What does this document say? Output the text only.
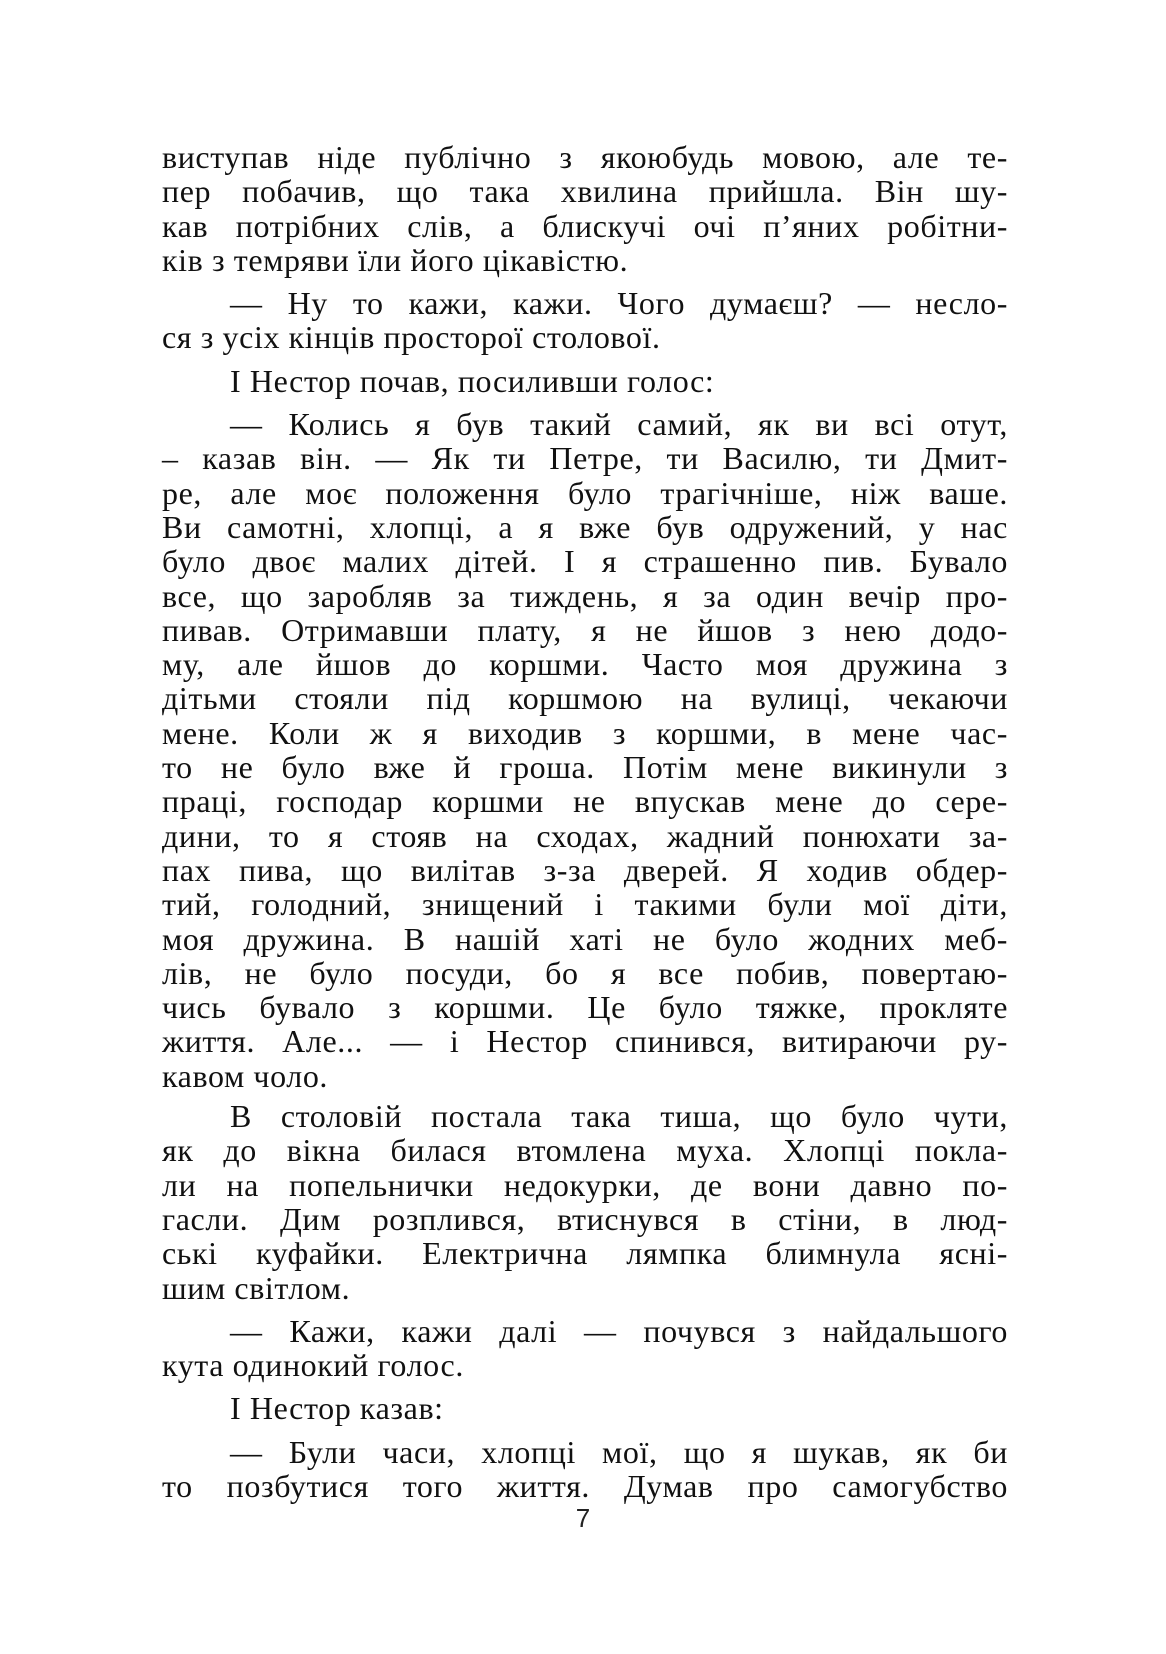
виступав ніде публічно з якоюбудь мовою, але те-
пер побачив, що така хвилина прийшла. Він шу-
кав потрібних слів, а блискучі очі п’яних робітни-
ків з темряви їли його цікавістю.
— Ну то кажи, кажи. Чого думаєш? — несло-
ся з усіх кінців просторої столової.
І Нестор почав, посиливши голос:
— Колись я був такий самий, як ви всі отут,
– казав він. — Як ти Петре, ти Василю, ти Дмит-
ре, але моє положення було трагічніше, ніж ваше.
Ви самотні, хлопці, а я вже був одружений, у нас
було двоє малих дітей. І я страшенно пив. Бувало
все, що заробляв за тиждень, я за один вечір про-
пивав. Отримавши плату, я не йшов з нею додо-
му, але йшов до коршми. Часто моя дружина з
дітьми стояли під коршмою на вулиці, чекаючи
мене. Коли ж я виходив з коршми, в мене час-
то не було вже й гроша. Потім мене викинули з
праці, господар коршми не впускав мене до сере-
дини, то я стояв на сходах, жадний понюхати за-
пах пива, що вилітав з-за дверей. Я ходив обдер-
тий, голодний, знищений і такими були мої діти,
моя дружина. В нашій хаті не було жодних меб-
лів, не було посуди, бо я все побив, повертаю-
чись бувало з коршми. Це було тяжке, прокляте
життя. Але... — і Нестор спинився, витираючи ру-
кавом чоло.
В столовій постала така тиша, що було чути,
як до вікна билася втомлена муха. Хлопці покла-
ли на попельнички недокурки, де вони давно по-
гасли. Дим розплився, втиснувся в стіни, в люд-
ські куфайки. Електрична лямпка блимнула ясні-
шим світлом.
— Кажи, кажи далі — почувся з найдальшого
кута одинокий голос.
І Нестор казав:
— Були часи, хлопці мої, що я шукав, як би
то позбутися того життя. Думав про самогубство
7
